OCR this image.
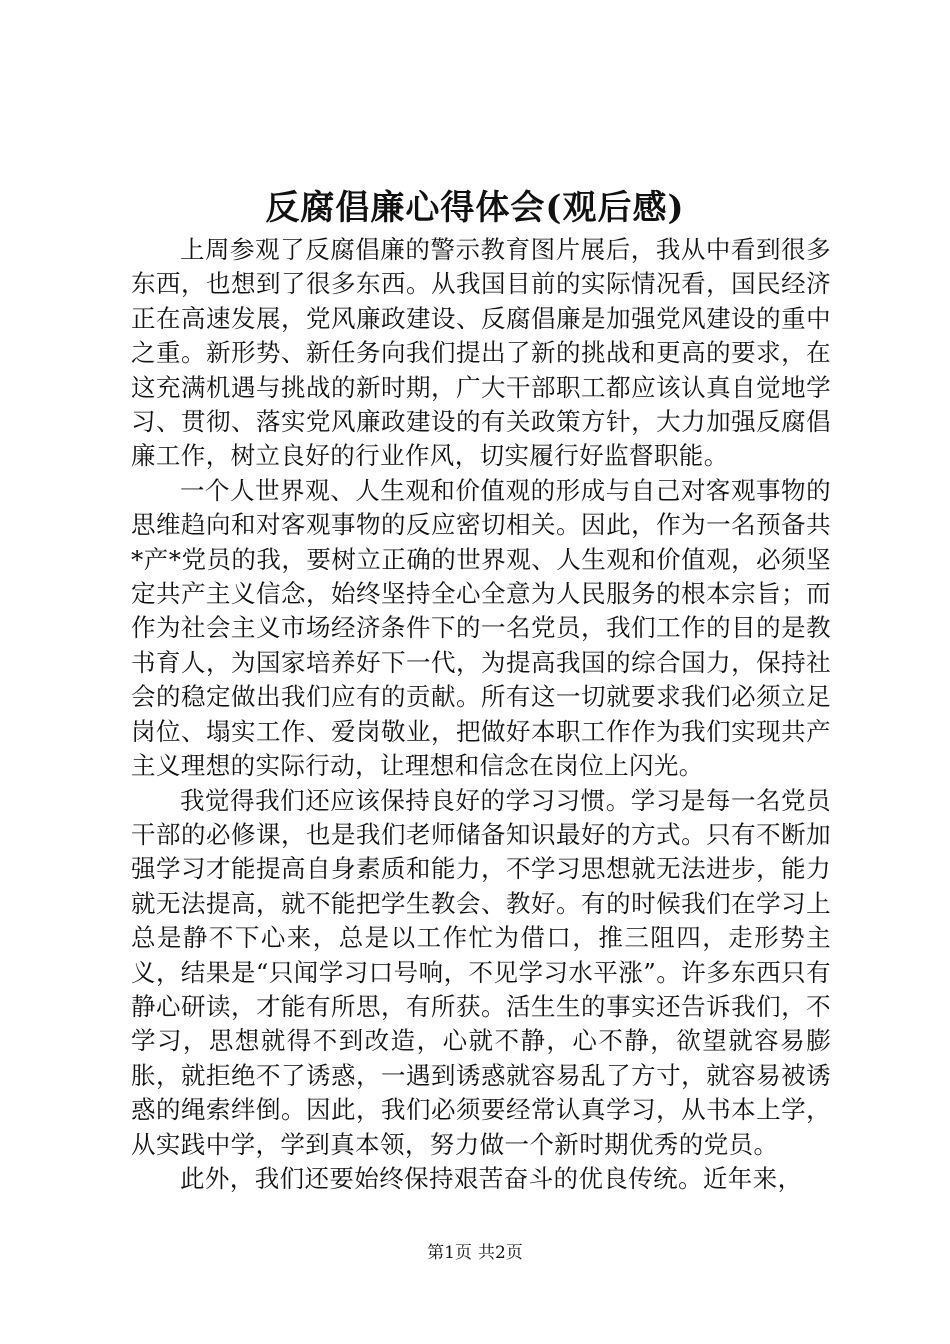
反腐倡廉心得体会(观后感)

上周参观了反腐倡廉的警示教育图片展后，我从中看到很多东西，也想到了很多东西。从我国目前的实际情况看，国民经济正在高速发展，党风廉政建设、反腐倡廉是加强党风建设的重中之重。新形势、新任务向我们提出了新的挑战和更高的要求，在这充满机遇与挑战的新时期，广大干部职工都应该认真自觉地学习、贯彻、落实党风廉政建设的有关政策方针，大力加强反腐倡廉工作，树立良好的行业作风，切实履行好监督职能。

一个人世界观、人生观和价值观的形成与自己对客观事物的思维趋向和对客观事物的反应密切相关。因此，作为一名预备共*产*党员的我，要树立正确的世界观、人生观和价值观，必须坚定共产主义信念，始终坚持全心全意为人民服务的根本宗旨；而作为社会主义市场经济条件下的一名党员，我们工作的目的是教书育人，为国家培养好下一代，为提高我国的综合国力，保持社会的稳定做出我们应有的贡献。所有这一切就要求我们必须立足岗位、塌实工作、爱岗敬业，把做好本职工作作为我们实现共产主义理想的实际行动，让理想和信念在岗位上闪光。

我觉得我们还应该保持良好的学习习惯。学习是每一名党员干部的必修课，也是我们老师储备知识最好的方式。只有不断加强学习才能提高自身素质和能力，不学习思想就无法进步，能力就无法提高，就不能把学生教会、教好。有的时候我们在学习上总是静不下心来，总是以工作忙为借口，推三阻四，走形势主义，结果是“只闻学习口号响，不见学习水平涨”。许多东西只有静心研读，才能有所思，有所获。活生生的事实还告诉我们，不学习，思想就得不到改造，心就不静，心不静，欲望就容易膨胀，就拒绝不了诱惑，一遇到诱惑就容易乱了方寸，就容易被诱惑的绳索绊倒。因此，我们必须要经常认真学习，从书本上学，从实践中学，学到真本领，努力做一个新时期优秀的党员。

此外，我们还要始终保持艰苦奋斗的优良传统。近年来，

第1页 共2页
